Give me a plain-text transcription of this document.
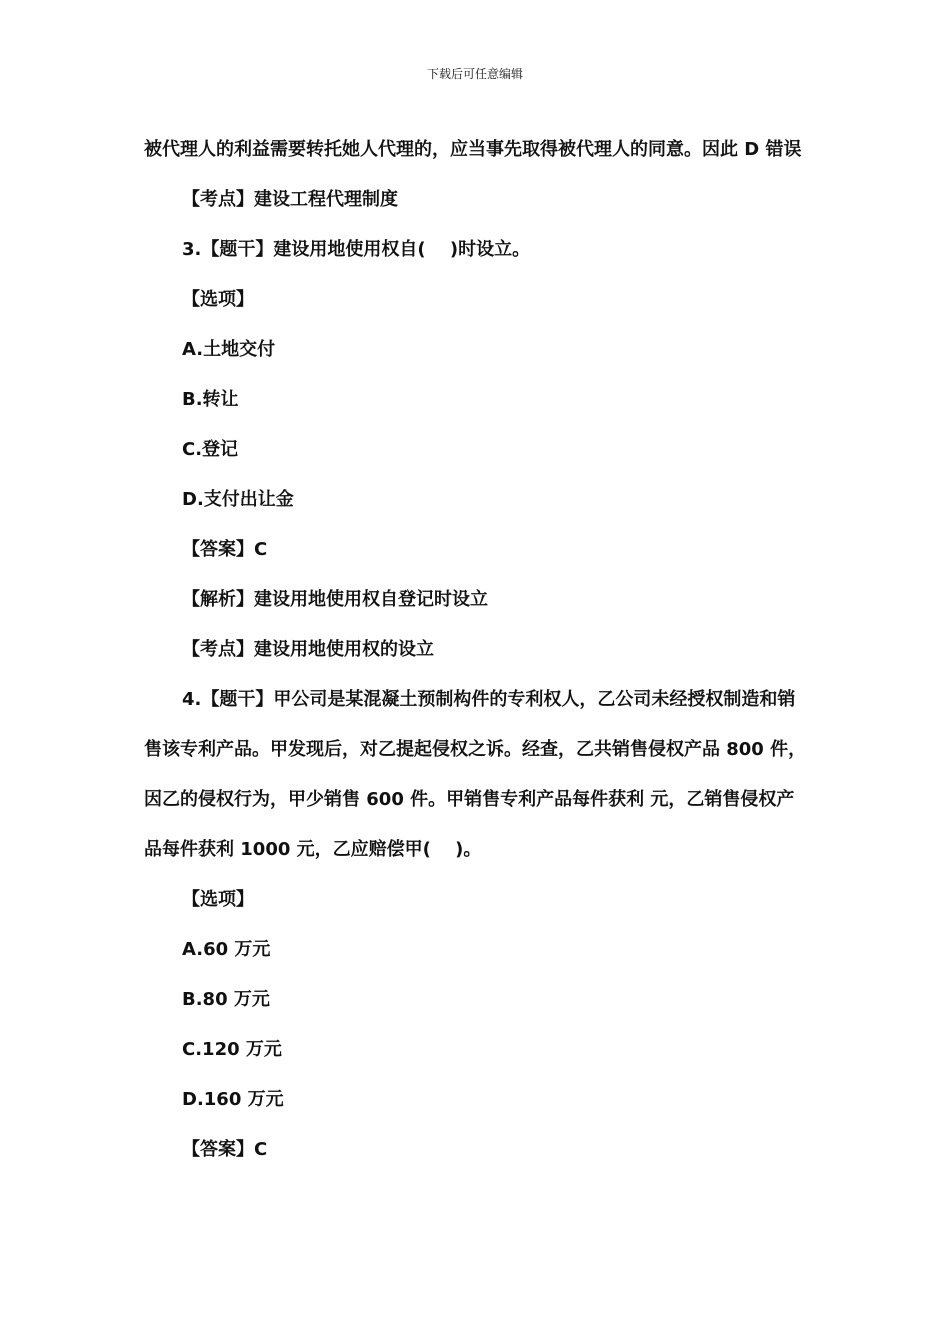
下载后可任意编辑

被代理人的利益需要转托她人代理的，应当事先取得被代理人的同意。因此 D 错误

【考点】建设工程代理制度

3.【题干】建设用地使用权自(　 )时设立。

【选项】

A.土地交付

B.转让

C.登记

D.支付出让金

【答案】C

【解析】建设用地使用权自登记时设立

【考点】建设用地使用权的设立

4.【题干】甲公司是某混凝土预制构件的专利权人，乙公司未经授权制造和销售该专利产品。甲发现后，对乙提起侵权之诉。经查，乙共销售侵权产品 800 件，因乙的侵权行为，甲少销售 600 件。甲销售专利产品每件获利 元，乙销售侵权产品每件获利 1000 元，乙应赔偿甲(　 )。

【选项】

A.60 万元

B.80 万元

C.120 万元

D.160 万元

【答案】C
